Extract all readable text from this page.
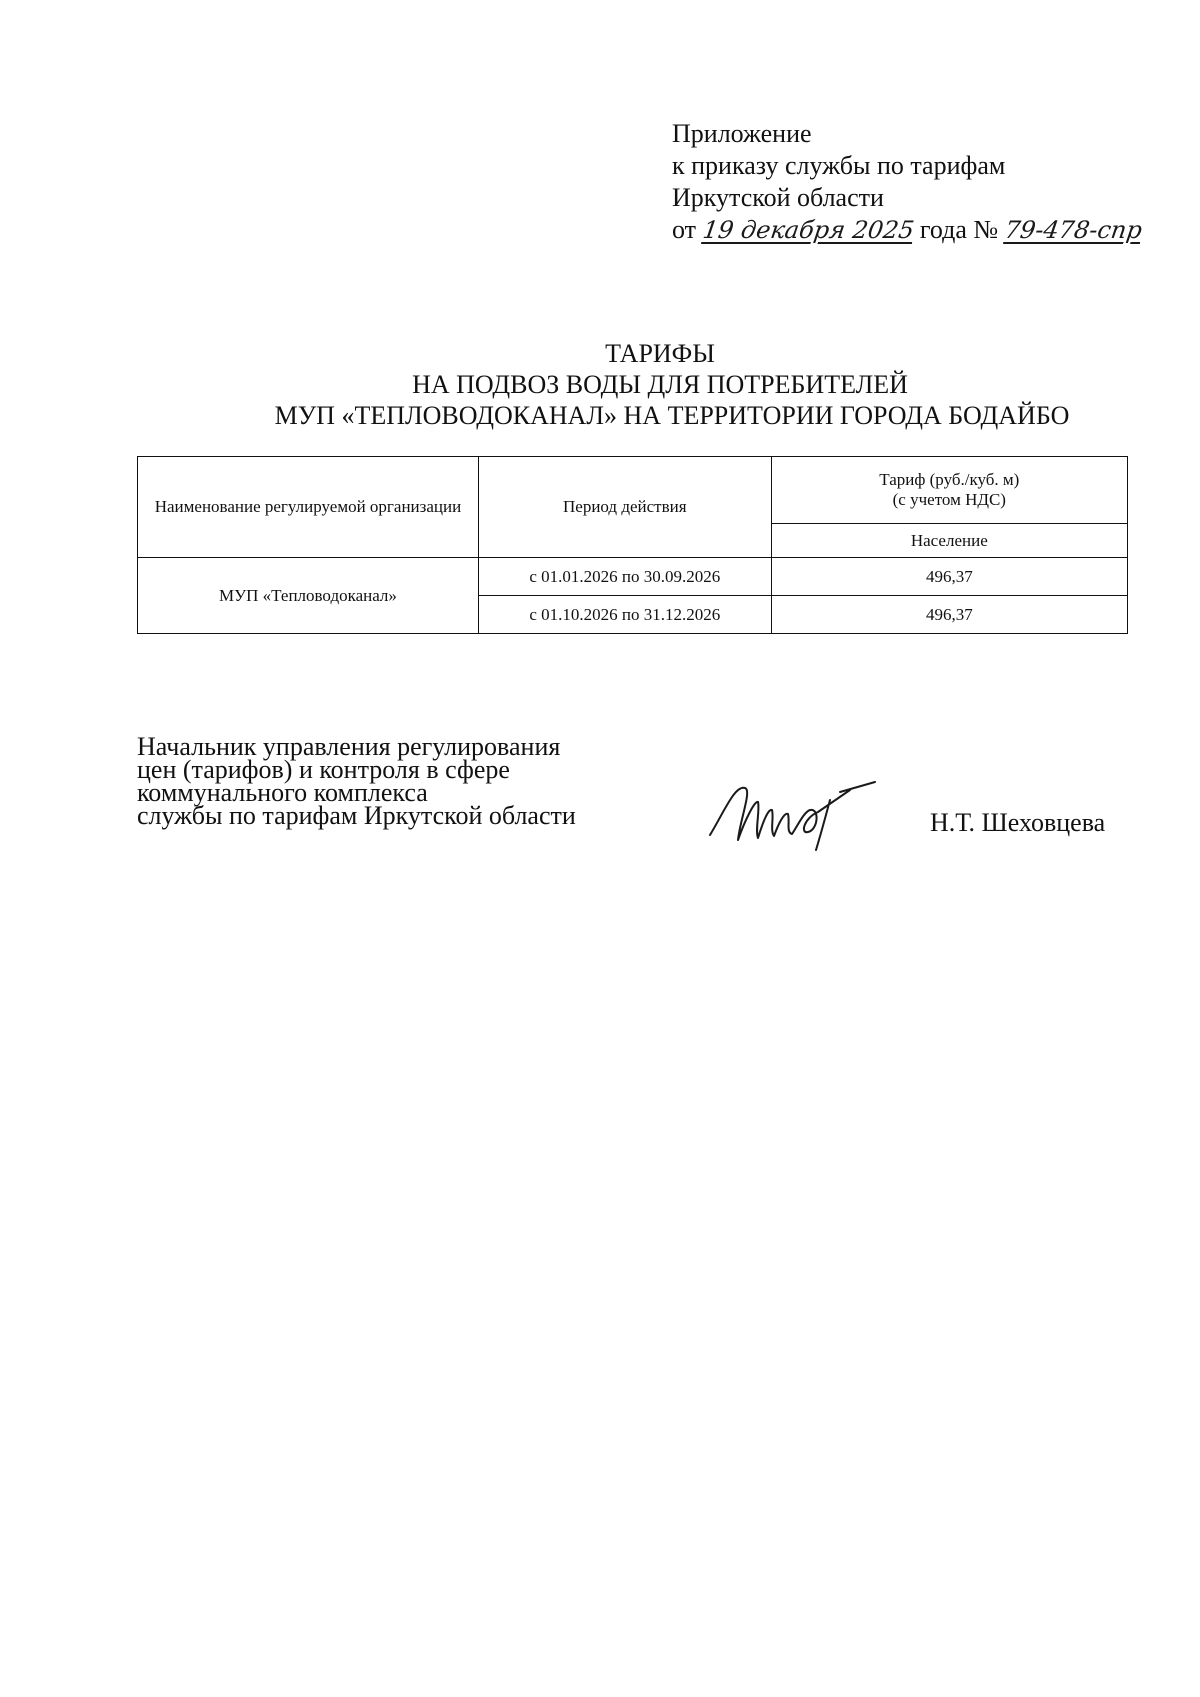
Приложение
к приказу службы по тарифам
Иркутской области
от 19 декабря 2025 года № 79-478-спр
ТАРИФЫ
НА ПОДВОЗ ВОДЫ ДЛЯ ПОТРЕБИТЕЛЕЙ
МУП «ТЕПЛОВОДОКАНАЛ» НА ТЕРРИТОРИИ ГОРОДА БОДАЙБО
Наименование регулируемой организации	Период действия	Тариф (руб./куб. м)
(с учетом НДС)

		Население
МУП «Тепловодоканал»	с 01.01.2026 по 30.09.2026	496,37
	с 01.10.2026 по 31.12.2026	496,37
Начальник управления регулирования
цен (тарифов) и контроля в сфере
коммунального комплекса
службы по тарифам Иркутской области	Н.Т. Шеховцева
